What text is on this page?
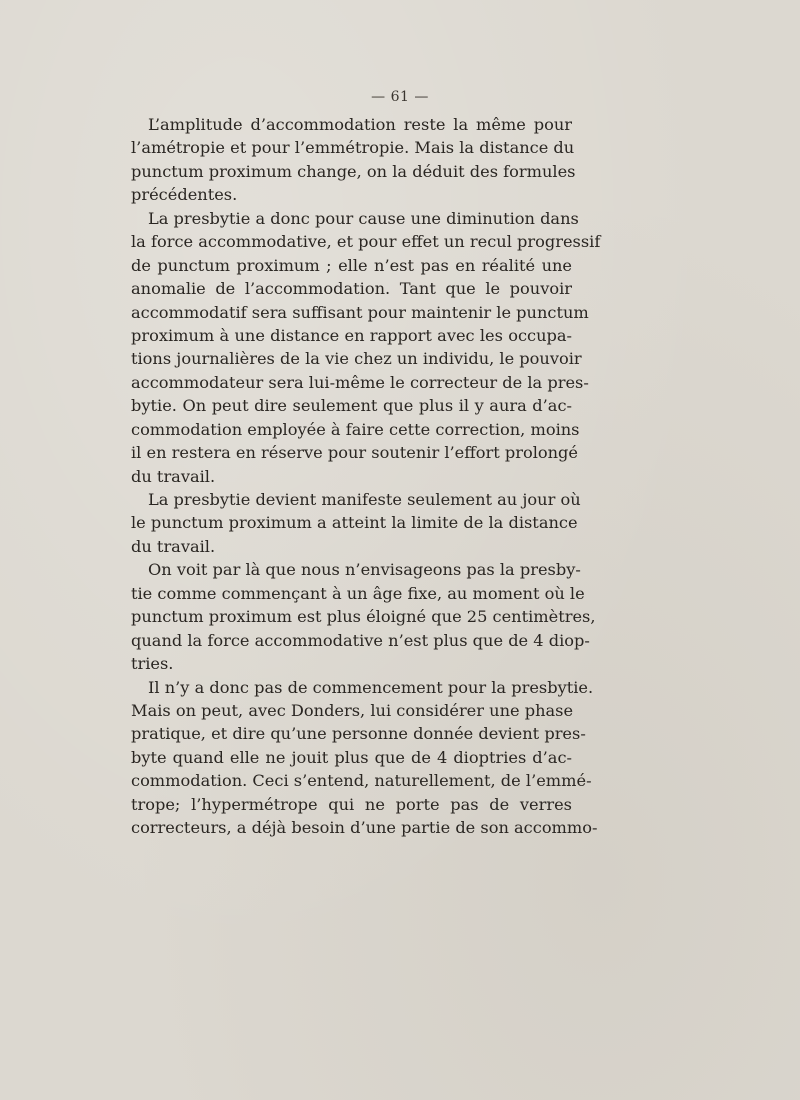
— 61 —
L’amplitude d’accommodation reste la même pour
l’amétropie et pour l’emmétropie. Mais la distance du
punctum proximum change, on la déduit des formules
précédentes.
La presbytie a donc pour cause une diminution dans
la force accommodative, et pour effet un recul progressif
de punctum proximum ; elle n’est pas en réalité une
anomalie de l’accommodation. Tant que le pouvoir
accommodatif sera suffisant pour maintenir le punctum
proximum à une distance en rapport avec les occupa-
tions journalières de la vie chez un individu, le pouvoir
accommodateur sera lui-même le correcteur de la pres-
bytie. On peut dire seulement que plus il y aura d’ac-
commodation employée à faire cette correction, moins
il en restera en réserve pour soutenir l’effort prolongé
du travail.
La presbytie devient manifeste seulement au jour où
le punctum proximum a atteint la limite de la distance
du travail.
On voit par là que nous n’envisageons pas la presby-
tie comme commençant à un âge fixe, au moment où le
punctum proximum est plus éloigné que 25 centimètres,
quand la force accommodative n’est plus que de 4 diop-
tries.
Il n’y a donc pas de commencement pour la presbytie.
Mais on peut, avec Donders, lui considérer une phase
pratique, et dire qu’une personne donnée devient pres-
byte quand elle ne jouit plus que de 4 dioptries d’ac-
commodation. Ceci s’entend, naturellement, de l’emmé-
trope; l’hypermétrope qui ne porte pas de verres
correcteurs, a déjà besoin d’une partie de son accommo-
